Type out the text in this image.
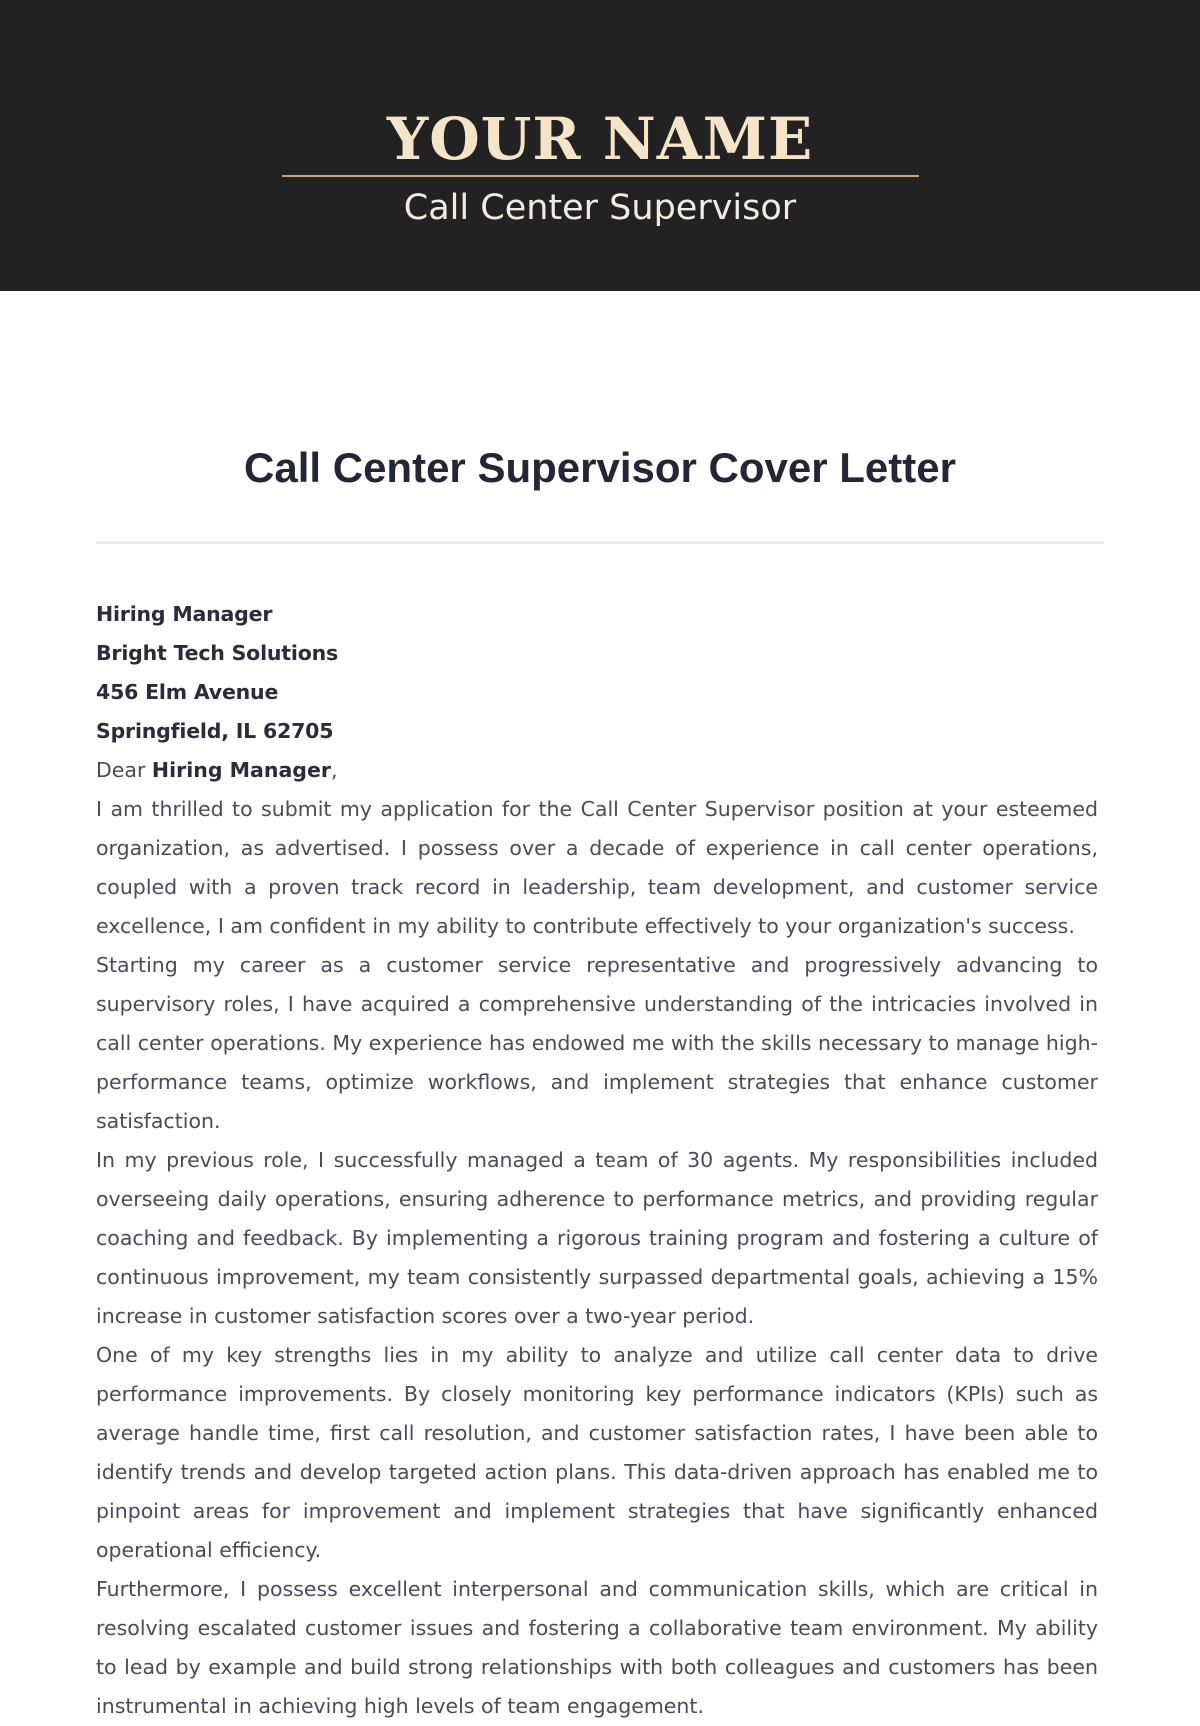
YOUR NAME
Call Center Supervisor
Call Center Supervisor Cover Letter
Hiring Manager
Bright Tech Solutions
456 Elm Avenue
Springfield, IL 62705
Dear Hiring Manager,

I am thrilled to submit my application for the Call Center Supervisor position at your esteemed organization, as advertised. I possess over a decade of experience in call center operations, coupled with a proven track record in leadership, team development, and customer service excellence, I am confident in my ability to contribute effectively to your organization's success.

Starting my career as a customer service representative and progressively advancing to supervisory roles, I have acquired a comprehensive understanding of the intricacies involved in call center operations. My experience has endowed me with the skills necessary to manage high-performance teams, optimize workflows, and implement strategies that enhance customer satisfaction.

In my previous role, I successfully managed a team of 30 agents. My responsibilities included overseeing daily operations, ensuring adherence to performance metrics, and providing regular coaching and feedback. By implementing a rigorous training program and fostering a culture of continuous improvement, my team consistently surpassed departmental goals, achieving a 15% increase in customer satisfaction scores over a two-year period.

One of my key strengths lies in my ability to analyze and utilize call center data to drive performance improvements. By closely monitoring key performance indicators (KPIs) such as average handle time, first call resolution, and customer satisfaction rates, I have been able to identify trends and develop targeted action plans. This data-driven approach has enabled me to pinpoint areas for improvement and implement strategies that have significantly enhanced operational efficiency.

Furthermore, I possess excellent interpersonal and communication skills, which are critical in resolving escalated customer issues and fostering a collaborative team environment. My ability to lead by example and build strong relationships with both colleagues and customers has been instrumental in achieving high levels of team engagement.
